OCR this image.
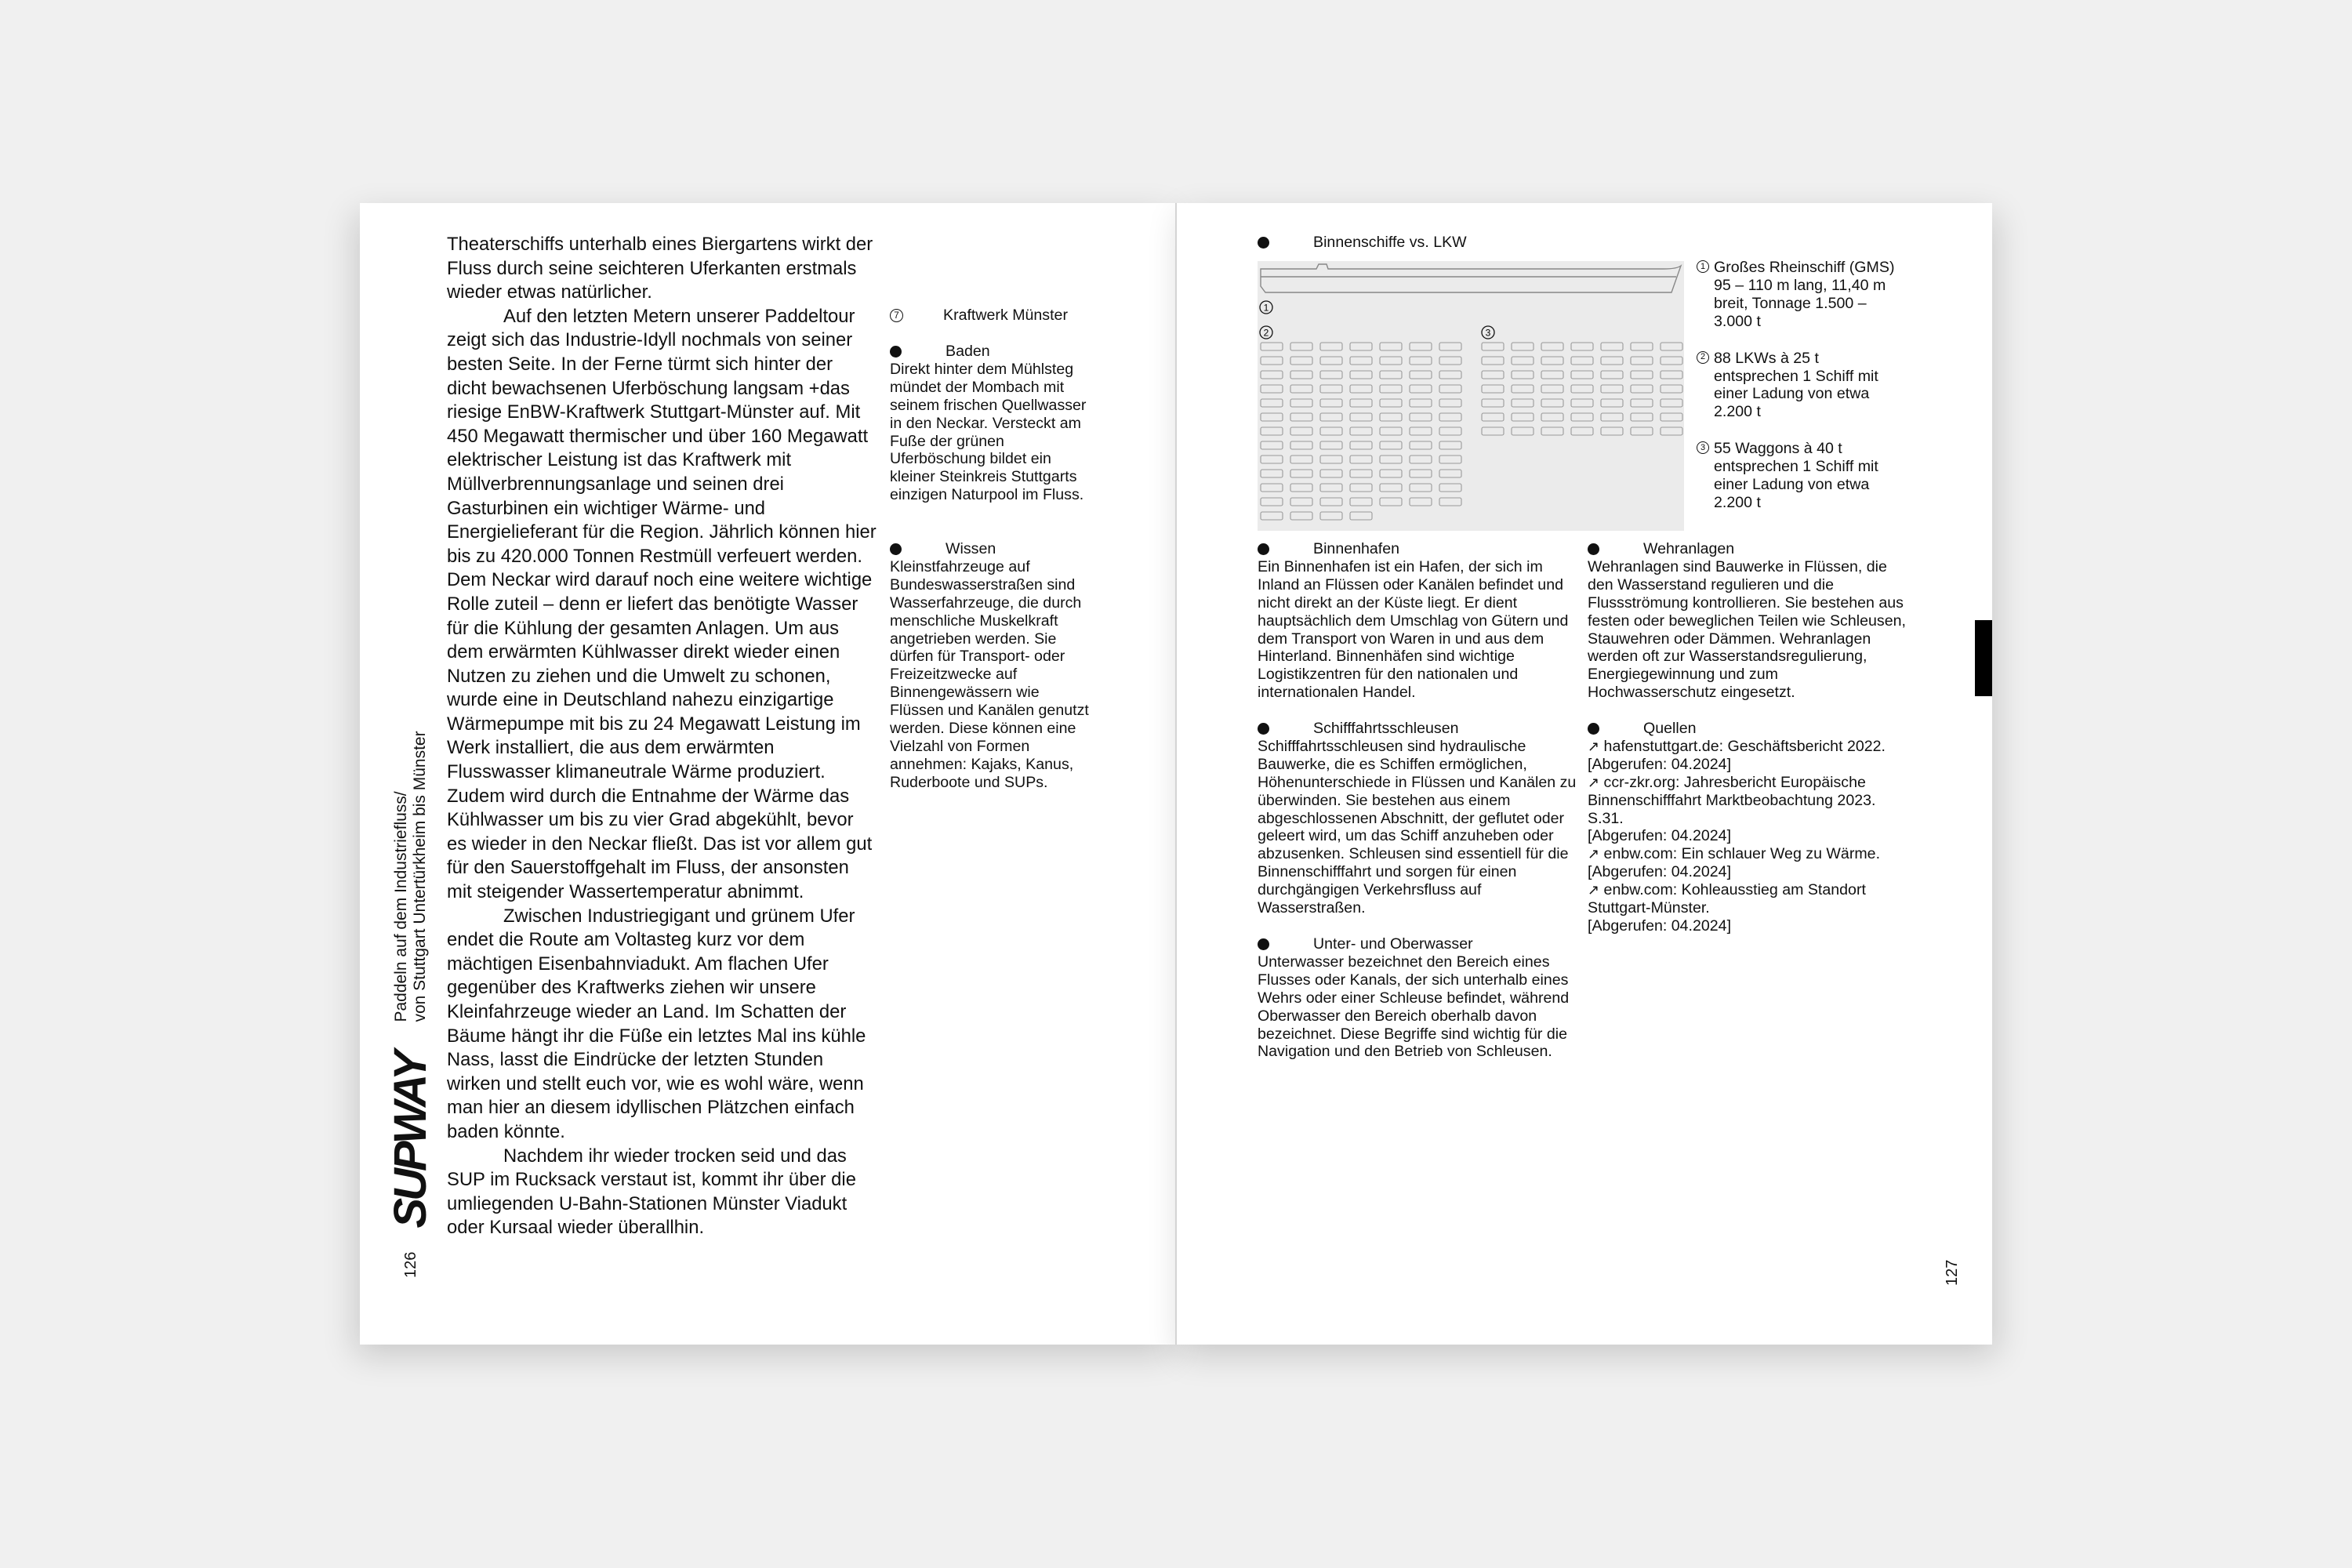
126
SUPWAY
Paddeln auf dem Industriefluss/
von Stuttgart Untertürkheim bis Münster

Theaterschiffs unterhalb eines Biergartens wirkt der Fluss durch seine seichteren Uferkanten erstmals wieder etwas natürlicher.

Auf den letzten Metern unserer Paddeltour zeigt sich das Industrie-Idyll nochmals von seiner besten Seite. In der Ferne türmt sich hinter der dicht bewachsenen Uferböschung langsam +das riesige EnBW-Kraftwerk Stuttgart-Münster auf. Mit 450 Megawatt thermischer und über 160 Megawatt elektrischer Leistung ist das Kraftwerk mit Müllverbrennungsanlage und seinen drei Gasturbinen ein wichtiger Wärme- und Energielieferant für die Region. Jährlich können hier bis zu 420.000 Tonnen Restmüll verfeuert werden. Dem Neckar wird darauf noch eine weitere wichtige Rolle zuteil – denn er liefert das benötigte Wasser für die Kühlung der gesamten Anlagen. Um aus dem erwärmten Kühlwasser direkt wieder einen Nutzen zu ziehen und die Umwelt zu schonen, wurde eine in Deutschland nahezu einzigartige Wärmepumpe mit bis zu 24 Megawatt Leistung im Werk installiert, die aus dem erwärmten Flusswasser klimaneutrale Wärme produziert. Zudem wird durch die Entnahme der Wärme das Kühlwasser um bis zu vier Grad abgekühlt, bevor es wieder in den Neckar fließt. Das ist vor allem gut für den Sauerstoffgehalt im Fluss, der ansonsten mit steigender Wassertemperatur abnimmt.

Zwischen Industriegigant und grünem Ufer endet die Route am Voltasteg kurz vor dem mächtigen Eisenbahnviadukt. Am flachen Ufer gegenüber des Kraftwerks ziehen wir unsere Kleinfahrzeuge wieder an Land. Im Schatten der Bäume hängt ihr die Füße ein letztes Mal ins kühle Nass, lasst die Eindrücke der letzten Stunden wirken und stellt euch vor, wie es wohl wäre, wenn man hier an diesem idyllischen Plätzchen einfach baden könnte.

Nachdem ihr wieder trocken seid und das SUP im Rucksack verstaut ist, kommt ihr über die umliegenden U-Bahn-Stationen Münster Viadukt oder Kursaal wieder überallhin.

7	Kraftwerk Münster
Baden

Direkt hinter dem Mühlsteg mündet der Mombach mit seinem frischen Quellwasser in den Neckar. Versteckt am Fuße der grünen Uferböschung bildet ein kleiner Steinkreis Stuttgarts einzigen Naturpool im Fluss.

Wissen

Kleinstfahrzeuge auf Bundeswasserstraßen sind Wasserfahrzeuge, die durch menschliche Muskelkraft angetrieben werden. Sie dürfen für Transport- oder Freizeitzwecke auf Binnengewässern wie Flüssen und Kanälen genutzt werden. Diese können eine Vielzahl von Formen annehmen: Kajaks, Kanus, Ruderboote und SUPs.

Binnenschiffe vs. LKW
1
2	3
1 Großes Rheinschiff (GMS) 95 – 110 m lang, 11,40 m breit, Tonnage 1.500 – 3.000 t
2 88 LKWs à 25 t entsprechen 1 Schiff mit einer Ladung von etwa 2.200 t
3 55 Waggons à 40 t entsprechen 1 Schiff mit einer Ladung von etwa 2.200 t
Binnenhafen

Ein Binnenhafen ist ein Hafen, der sich im Inland an Flüssen oder Kanälen befindet und nicht direkt an der Küste liegt. Er dient hauptsächlich dem Umschlag von Gütern und dem Transport von Waren in und aus dem Hinterland. Binnenhäfen sind wichtige Logistikzentren für den nationalen und internationalen Handel.

Schifffahrtsschleusen

Schifffahrtsschleusen sind hydraulische Bauwerke, die es Schiffen ermöglichen, Höhenunterschiede in Flüssen und Kanälen zu überwinden. Sie bestehen aus einem abgeschlossenen Abschnitt, der geflutet oder geleert wird, um das Schiff anzuheben oder abzusenken. Schleusen sind essentiell für die Binnenschifffahrt und sorgen für einen durchgängigen Verkehrsfluss auf Wasserstraßen.

Unter- und Oberwasser

Unterwasser bezeichnet den Bereich eines Flusses oder Kanals, der sich unterhalb eines Wehrs oder einer Schleuse befindet, während Oberwasser den Bereich oberhalb davon bezeichnet. Diese Begriffe sind wichtig für die Navigation und den Betrieb von Schleusen.

Wehranlagen

Wehranlagen sind Bauwerke in Flüssen, die den Wasserstand regulieren und die Flussströmung kontrollieren. Sie bestehen aus festen oder beweglichen Teilen wie Schleusen, Stauwehren oder Dämmen. Wehranlagen werden oft zur Wasserstandsregulierung, Energiegewinnung und zum Hochwasserschutz eingesetzt.

Quellen

↗ hafenstuttgart.de: Geschäftsbericht 2022.

[Abgerufen: 04.2024]

↗ ccr-zkr.org: Jahresbericht Europäische Binnenschifffahrt Marktbeobachtung 2023. S.31.

[Abgerufen: 04.2024]

↗ enbw.com: Ein schlauer Weg zu Wärme.

[Abgerufen: 04.2024]

↗ enbw.com: Kohleausstieg am Standort Stuttgart-Münster.

[Abgerufen: 04.2024]

127
